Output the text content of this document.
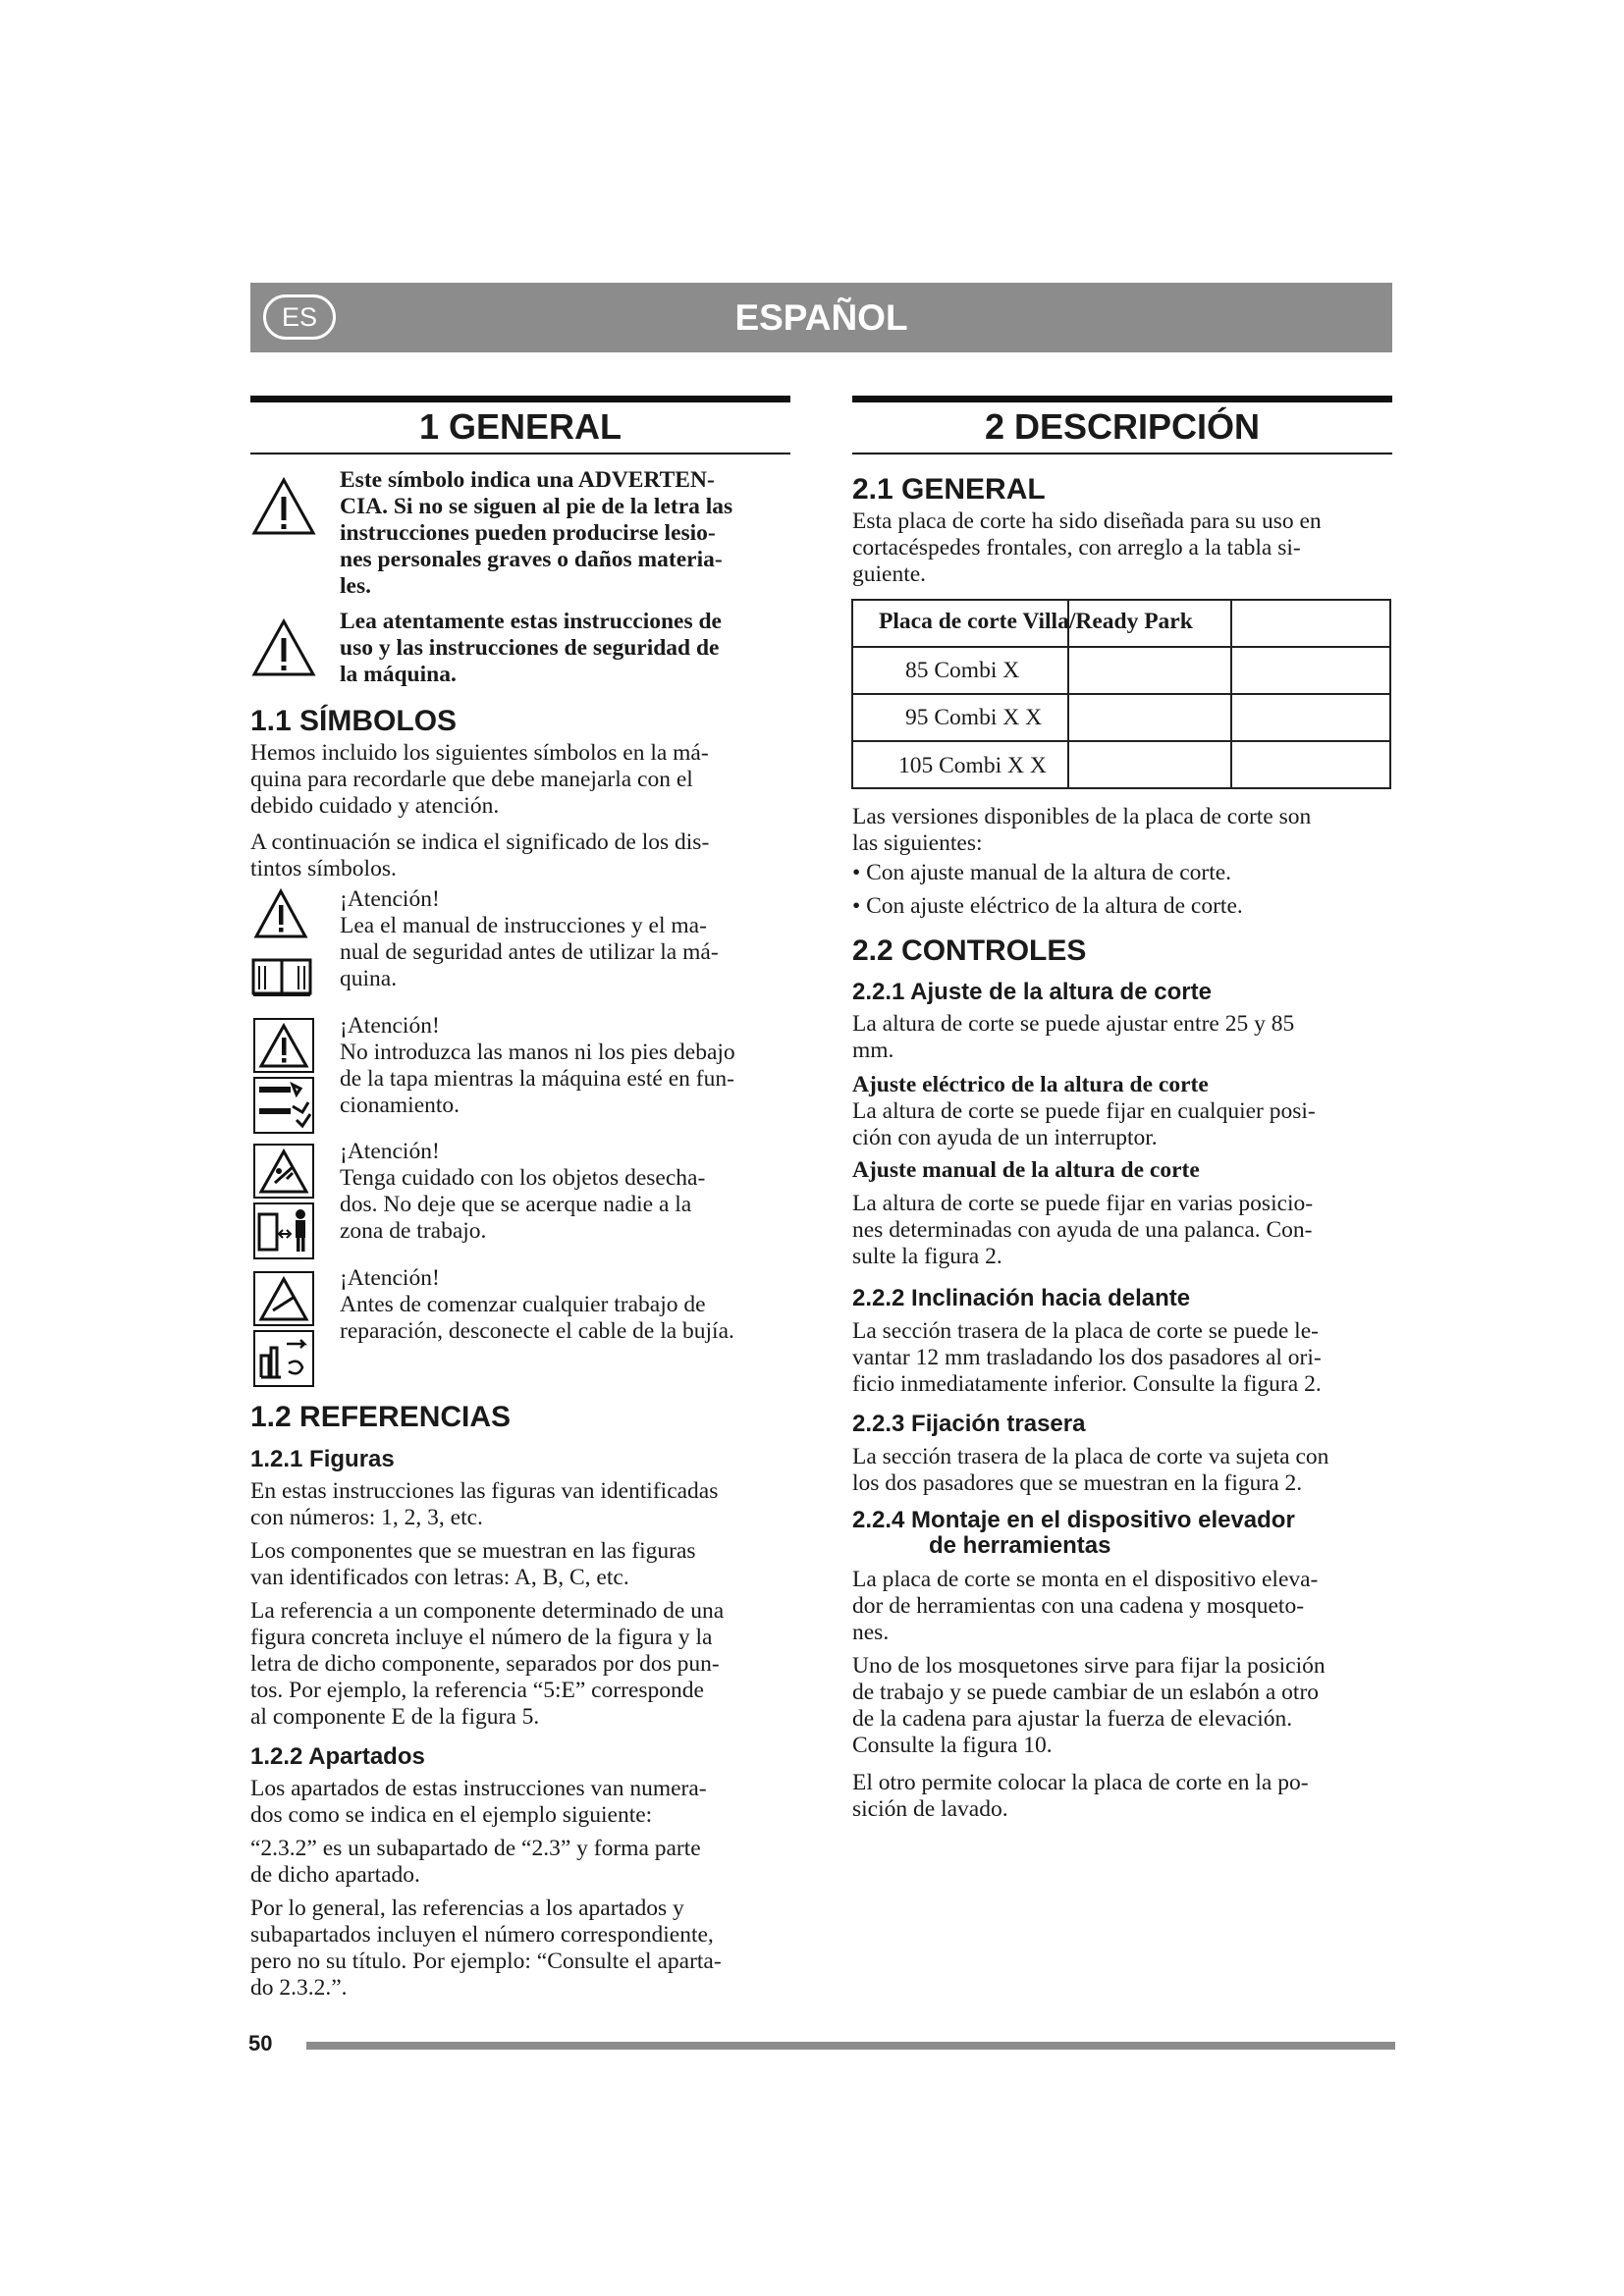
ES	ESPAÑOL
1 GENERAL
Este símbolo indica una ADVERTEN-
CIA. Si no se siguen al pie de la letra las
instrucciones pueden producirse lesio-
nes personales graves o daños materia-
les.
Lea atentamente estas instrucciones de
uso y las instrucciones de seguridad de
la máquina.
1.1 SÍMBOLOS
Hemos incluido los siguientes símbolos en la má-
quina para recordarle que debe manejarla con el
debido cuidado y atención.
A continuación se indica el significado de los dis-
tintos símbolos.
¡Atención!
Lea el manual de instrucciones y el ma-
nual de seguridad antes de utilizar la má-
quina.
¡Atención!
No introduzca las manos ni los pies debajo
de la tapa mientras la máquina esté en fun-
cionamiento.
¡Atención!
Tenga cuidado con los objetos desecha-
dos. No deje que se acerque nadie a la
zona de trabajo.
¡Atención!
Antes de comenzar cualquier trabajo de
reparación, desconecte el cable de la bujía.
1.2 REFERENCIAS
1.2.1 Figuras
En estas instrucciones las figuras van identificadas
con números: 1, 2, 3, etc.
Los componentes que se muestran en las figuras
van identificados con letras: A, B, C, etc.
La referencia a un componente determinado de una
figura concreta incluye el número de la figura y la
letra de dicho componente, separados por dos pun-
tos. Por ejemplo, la referencia “5:E” corresponde
al componente E de la figura 5.
1.2.2 Apartados
Los apartados de estas instrucciones van numera-
dos como se indica en el ejemplo siguiente:
“2.3.2” es un subapartado de “2.3” y forma parte
de dicho apartado.
Por lo general, las referencias a los apartados y
subapartados incluyen el número correspondiente,
pero no su título. Por ejemplo: “Consulte el aparta-
do 2.3.2.”.
2 DESCRIPCIÓN
2.1 GENERAL
Esta placa de corte ha sido diseñada para su uso en
cortacéspedes frontales, con arreglo a la tabla si-
guiente.

Placa de corte Villa/Ready Park
85 Combi X
95 Combi X X
105 Combi X X
Las versiones disponibles de la placa de corte son
las siguientes:
• Con ajuste manual de la altura de corte.
• Con ajuste eléctrico de la altura de corte.
2.2 CONTROLES
2.2.1 Ajuste de la altura de corte
La altura de corte se puede ajustar entre 25 y 85
mm.
Ajuste eléctrico de la altura de corte
La altura de corte se puede fijar en cualquier posi-
ción con ayuda de un interruptor.
Ajuste manual de la altura de corte
La altura de corte se puede fijar en varias posicio-
nes determinadas con ayuda de una palanca. Con-
sulte la figura 2.
2.2.2 Inclinación hacia delante
La sección trasera de la placa de corte se puede le-
vantar 12 mm trasladando los dos pasadores al ori-
ficio inmediatamente inferior. Consulte la figura 2.
2.2.3 Fijación trasera
La sección trasera de la placa de corte va sujeta con
los dos pasadores que se muestran en la figura 2.
2.2.4 Montaje en el dispositivo elevador
de herramientas
La placa de corte se monta en el dispositivo eleva-
dor de herramientas con una cadena y mosqueto-
nes.
Uno de los mosquetones sirve para fijar la posición
de trabajo y se puede cambiar de un eslabón a otro
de la cadena para ajustar la fuerza de elevación.
Consulte la figura 10.
El otro permite colocar la placa de corte en la po-
sición de lavado.
50
